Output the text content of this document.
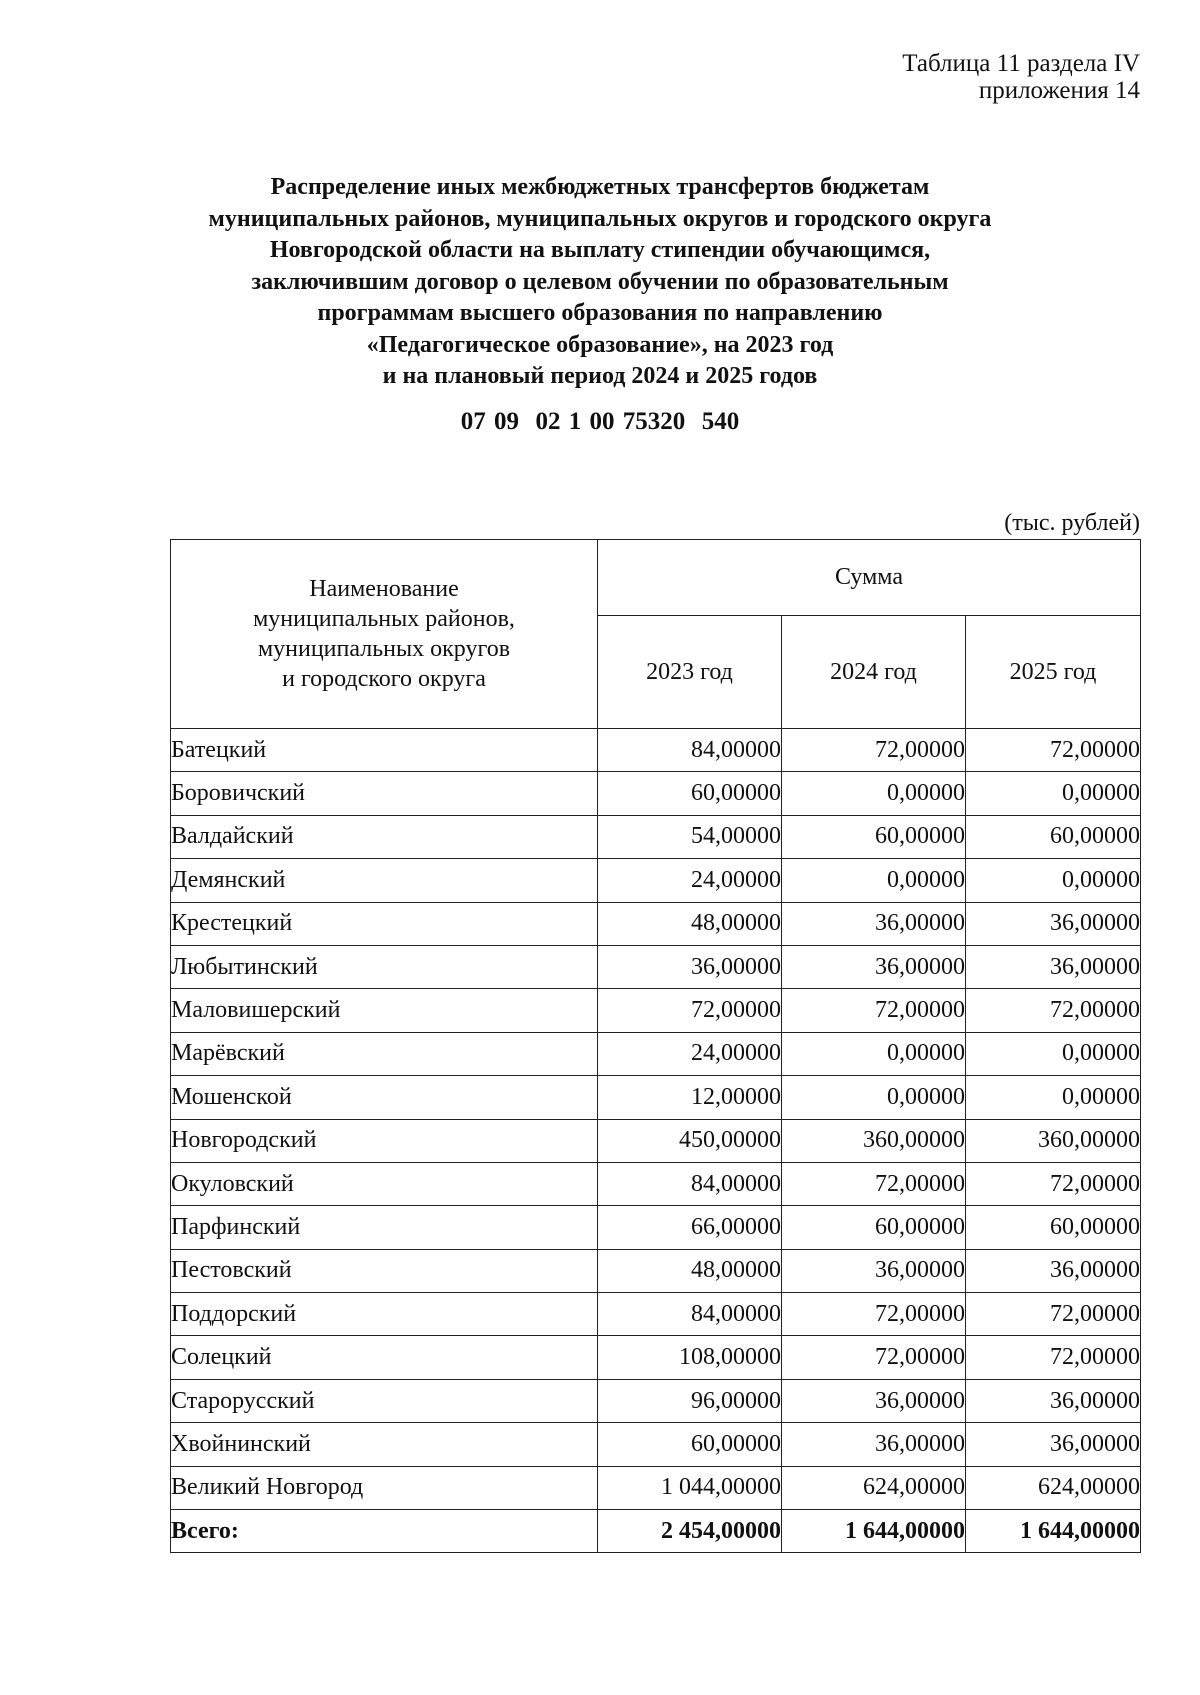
Таблица 11 раздела IV
приложения 14
Распределение иных межбюджетных трансфертов бюджетам
муниципальных районов, муниципальных округов и городского округа
Новгородской области на выплату стипендии обучающимся,
заключившим договор о целевом обучении по образовательным
программам высшего образования по направлению
«Педагогическое образование», на 2023 год
и на плановый период 2024 и 2025 годов
07 09  02 1 00 75320  540
(тыс. рублей)
Наименование
муниципальных районов,
муниципальных округов
и городского округа	Сумма		
	2023 год	2024 год	2025 год
Батецкий	84,00000	72,00000	72,00000
Боровичский	60,00000	0,00000	0,00000
Валдайский	54,00000	60,00000	60,00000
Демянский	24,00000	0,00000	0,00000
Крестецкий	48,00000	36,00000	36,00000
Любытинский	36,00000	36,00000	36,00000
Маловишерский	72,00000	72,00000	72,00000
Марёвский	24,00000	0,00000	0,00000
Мошенской	12,00000	0,00000	0,00000
Новгородский	450,00000	360,00000	360,00000
Окуловский	84,00000	72,00000	72,00000
Парфинский	66,00000	60,00000	60,00000
Пестовский	48,00000	36,00000	36,00000
Поддорский	84,00000	72,00000	72,00000
Солецкий	108,00000	72,00000	72,00000
Старорусский	96,00000	36,00000	36,00000
Хвойнинский	60,00000	36,00000	36,00000
Великий Новгород	1 044,00000	624,00000	624,00000
Всего:	2 454,00000	1 644,00000	1 644,00000
